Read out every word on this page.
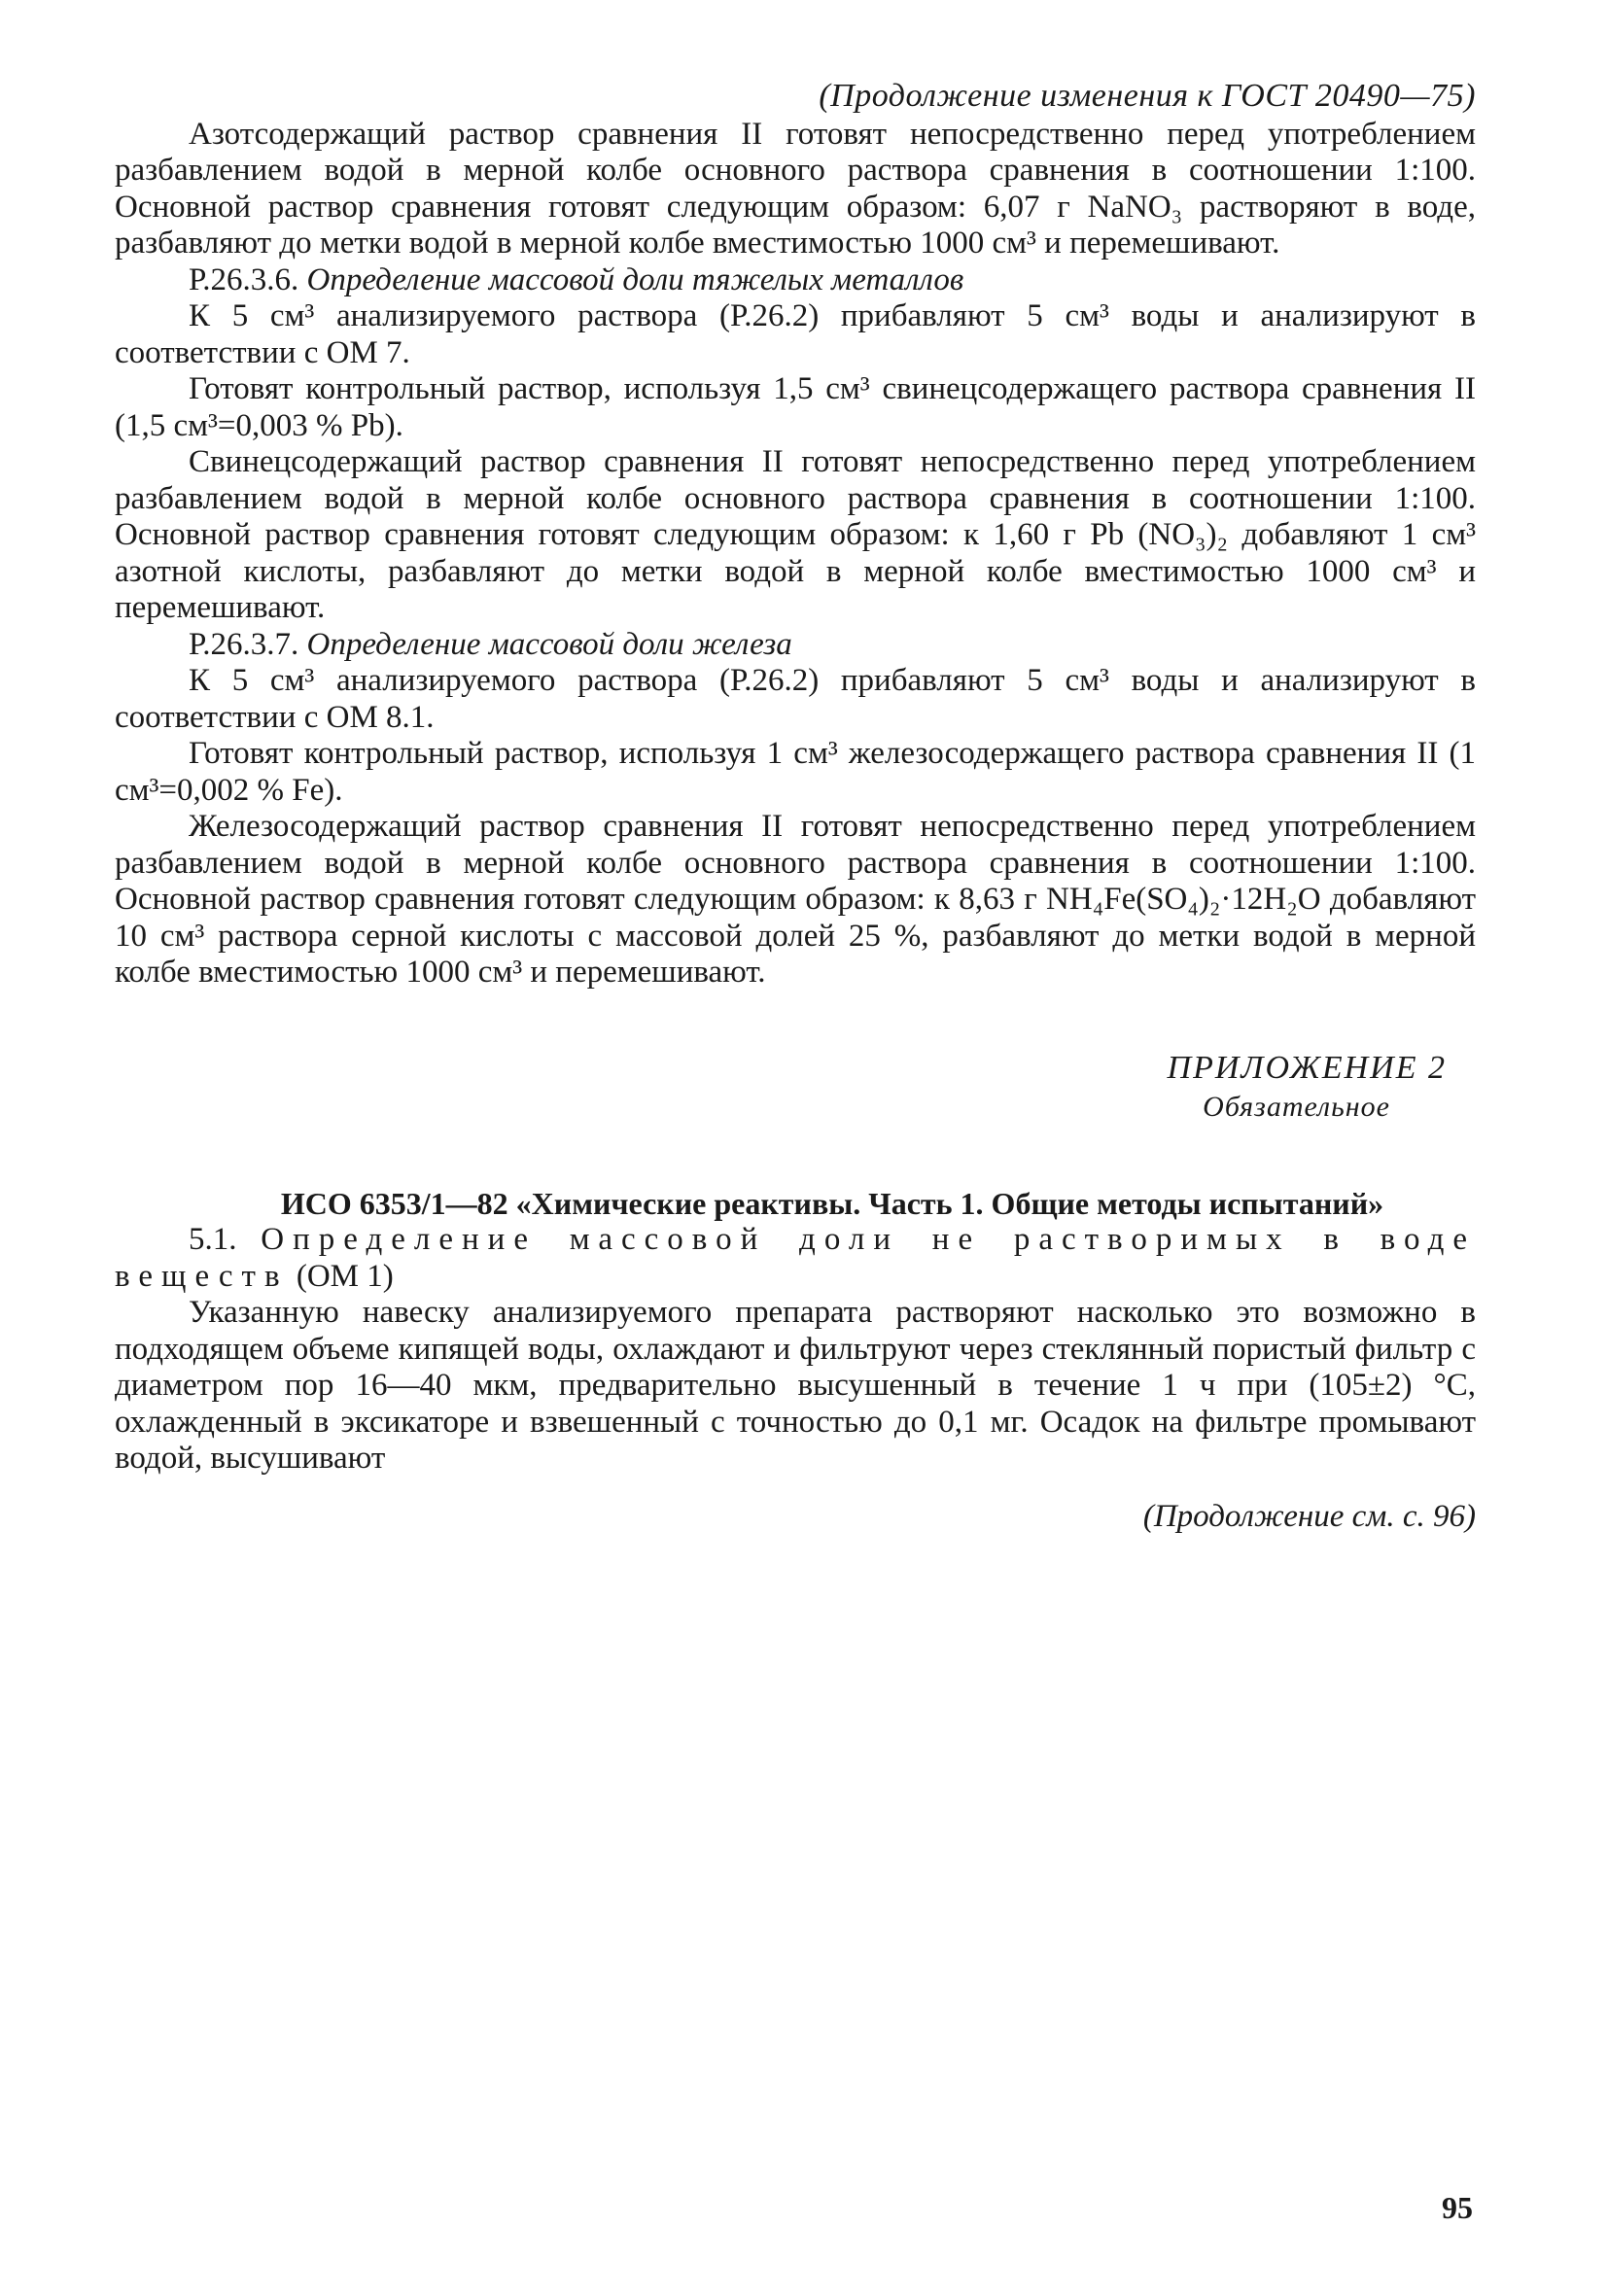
(Продолжение изменения к ГОСТ 20490—75)

Азотсодержащий раствор сравнения II готовят непосредственно перед употреблением разбавлением водой в мерной колбе основного раствора сравнения в соотношении 1:100. Основной раствор сравнения готовят следующим образом: 6,07 г NaNO₃ растворяют в воде, разбавляют до метки водой в мерной колбе вместимостью 1000 см³ и перемешивают.

Р.26.3.6. Определение массовой доли тяжелых металлов

К 5 см³ анализируемого раствора (Р.26.2) прибавляют 5 см³ воды и анализируют в соответствии с ОМ 7.

Готовят контрольный раствор, используя 1,5 см³ свинецсодержащего раствора сравнения II (1,5 см³=0,003 % Pb).

Свинецсодержащий раствор сравнения II готовят непосредственно перед употреблением разбавлением водой в мерной колбе основного раствора сравнения в соотношении 1:100. Основной раствор сравнения готовят следующим образом: к 1,60 г Pb (NO₃)₂ добавляют 1 см³ азотной кислоты, разбавляют до метки водой в мерной колбе вместимостью 1000 см³ и перемешивают.

Р.26.3.7. Определение массовой доли железа

К 5 см³ анализируемого раствора (Р.26.2) прибавляют 5 см³ воды и анализируют в соответствии с ОМ 8.1.

Готовят контрольный раствор, используя 1 см³ железосодержащего раствора сравнения II (1 см³=0,002 % Fe).

Железосодержащий раствор сравнения II готовят непосредственно перед употреблением разбавлением водой в мерной колбе основного раствора сравнения в соотношении 1:100. Основной раствор сравнения готовят следующим образом: к 8,63 г NH₄Fe(SO₄)₂·12H₂O добавляют 10 см³ раствора серной кислоты с массовой долей 25 %, разбавляют до метки водой в мерной колбе вместимостью 1000 см³ и перемешивают.

ПРИЛОЖЕНИЕ 2
Обязательное
ИСО 6353/1—82 «Химические реактивы. Часть 1. Общие методы испытаний»

5.1. Определение массовой доли не растворимых в воде веществ (ОМ 1)

Указанную навеску анализируемого препарата растворяют насколько это возможно в подходящем объеме кипящей воды, охлаждают и фильтруют через стеклянный пористый фильтр с диаметром пор 16—40 мкм, предварительно высушенный в течение 1 ч при (105±2) °C, охлажденный в эксикаторе и взвешенный с точностью до 0,1 мг. Осадок на фильтре промывают водой, высушивают

(Продолжение см. с. 96)
95
